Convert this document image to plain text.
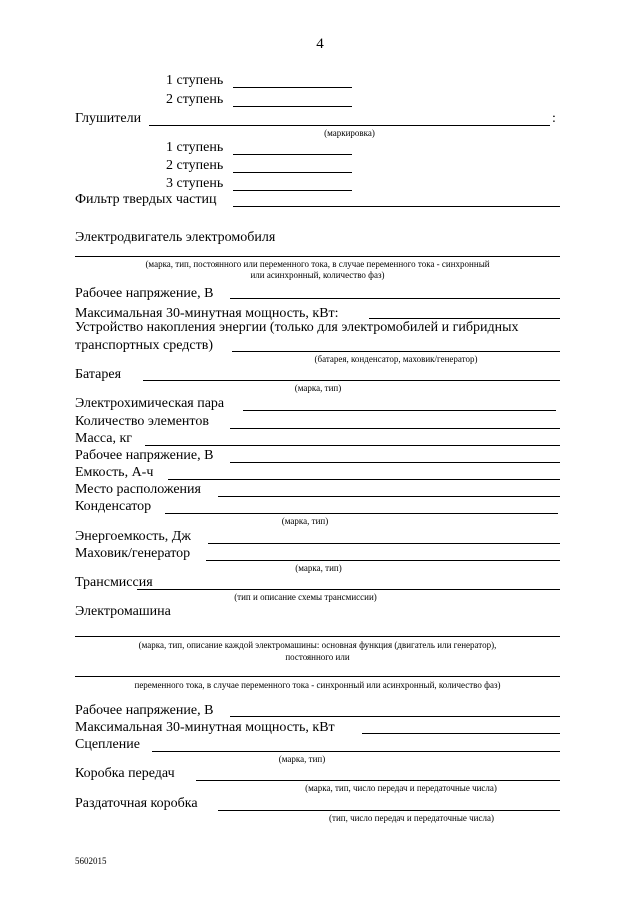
4
1 ступень
2 ступень
Глушители	:
(маркировка)
1 ступень
2 ступень
3 ступень
Фильтр твердых частиц
Электродвигатель электромобиля
(марка, тип, постоянного или переменного тока, в случае переменного тока - синхронный
или асинхронный, количество фаз)
Рабочее напряжение, В
Максимальная 30-минутная мощность, кВт:
Устройство накопления энергии (только для электромобилей и гибридных
транспортных средств)
(батарея, конденсатор, маховик/генератор)
Батарея
(марка, тип)
Электрохимическая пара
Количество элементов
Масса, кг
Рабочее напряжение, В
Емкость, А-ч
Место расположения
Конденсатор
(марка, тип)
Энергоемкость, Дж
Маховик/генератор
(марка, тип)
Трансмиссия
(тип и описание схемы трансмиссии)
Электромашина
(марка, тип, описание каждой электромашины: основная функция (двигатель или генератор),
постоянного или
переменного тока, в случае переменного тока - синхронный или асинхронный, количество фаз)
Рабочее напряжение, В
Максимальная 30-минутная мощность, кВт
Сцепление
(марка, тип)
Коробка передач
(марка, тип, число передач и передаточные числа)
Раздаточная коробка
(тип, число передач и передаточные числа)
5602015
